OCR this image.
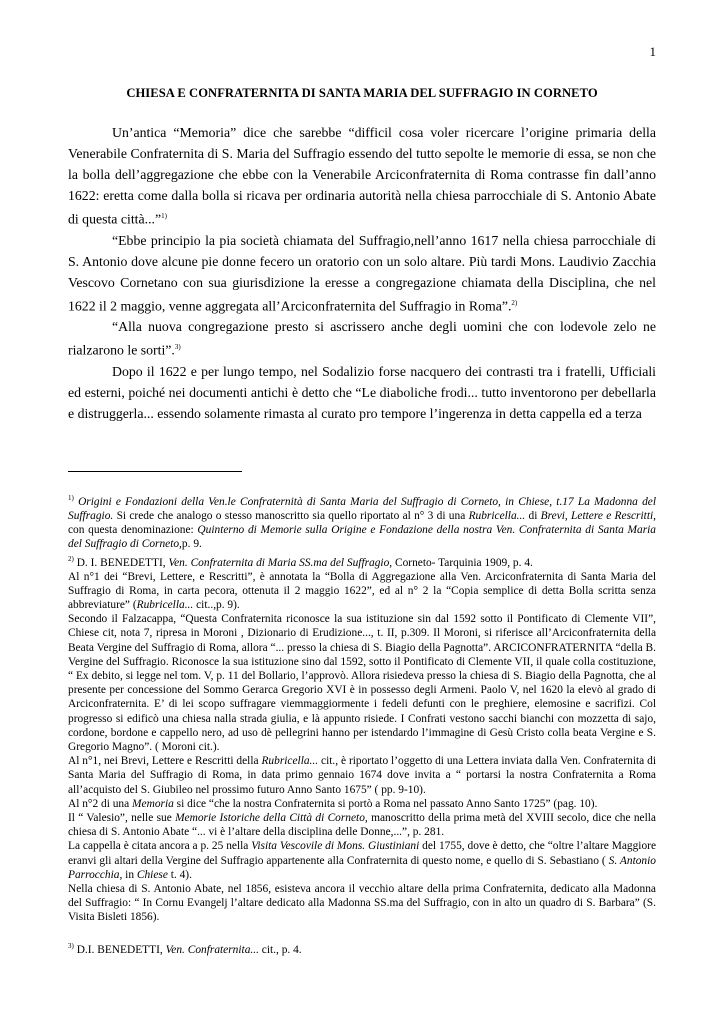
1
CHIESA E CONFRATERNITA DI SANTA MARIA DEL SUFFRAGIO IN CORNETO

Un’antica “Memoria” dice che sarebbe “difficil cosa voler ricercare l’origine primaria della Venerabile Confraternita di S. Maria del Suffragio essendo del tutto sepolte le memorie di essa, se non che la bolla dell’aggregazione che ebbe con la Venerabile Arciconfraternita di Roma contrasse fin dall’anno 1622: eretta come dalla bolla si ricava per ordinaria autorità nella chiesa parrocchiale di S. Antonio Abate di questa città...”$^{1)}$

“Ebbe principio la pia società chiamata del Suffragio,nell’anno 1617 nella chiesa parrocchiale di S. Antonio dove alcune pie donne fecero un oratorio con un solo altare. Più tardi Mons. Laudivio Zacchia Vescovo Cornetano con sua giurisdizione la eresse a congregazione chiamata della Disciplina, che nel 1622 il 2 maggio, venne aggregata all’Arciconfraternita del Suffragio in Roma”.$^{2)}$

“Alla nuova congregazione presto si ascrissero anche degli uomini che con lodevole zelo ne rialzarono le sorti”.$^{3)}$

Dopo il 1622 e per lungo tempo, nel Sodalizio forse nacquero dei contrasti tra i fratelli, Ufficiali ed esterni, poiché nei documenti antichi è detto che “Le diaboliche frodi... tutto inventorono per debellarla e distruggerla... essendo solamente rimasta al curato pro tempore l’ingerenza in detta cappella ed a terza

$^{1)}$ Origini e Fondazioni della Ven.le Confraternità di Santa Maria del Suffragio di Corneto, in Chiese, t.17 La Madonna del Suffragio. Si crede che analogo o stesso manoscritto sia quello riportato al n° 3 di una Rubricella... di Brevi, Lettere e Rescritti, con questa denominazione: Quinterno di Memorie sulla Origine e Fondazione della nostra Ven. Confraternita di Santa Maria del Suffragio di Corneto,p. 9.

$^{2)}$ D. I. BENEDETTI, Ven. Confraternita di Maria SS.ma del Suffragio, Corneto- Tarquinia 1909, p. 4.

Al n°1 dei “Brevi, Lettere, e Rescritti”, è annotata la “Bolla di Aggregazione alla Ven. Arciconfraternita di Santa Maria del Suffragio di Roma, in carta pecora, ottenuta il 2 maggio 1622”, ed al n° 2 la “Copia semplice di detta Bolla scritta senza abbreviature” (Rubricella... cit..,p. 9).

Secondo il Falzacappa, “Questa Confraternita riconosce la sua istituzione sin dal 1592 sotto il Pontificato di Clemente VII”, Chiese cit, nota 7, ripresa in Moroni , Dizionario di Erudizione..., t. II, p.309. Il Moroni, si riferisce all’Arciconfraternita della Beata Vergine del Suffragio di Roma, allora “... presso la chiesa di S. Biagio della Pagnotta”. ARCICONFRATERNITA “della B. Vergine del Suffragio. Riconosce la sua istituzione sino dal 1592, sotto il Pontificato di Clemente VII, il quale colla costituzione, “ Ex debito, si legge nel tom. V, p. 11 del Bollario, l’approvò. Allora risiedeva presso la chiesa di S. Biagio della Pagnotta, che al presente per concessione del Sommo Gerarca Gregorio XVI è in possesso degli Armeni. Paolo V, nel 1620 la elevò al grado di Arciconfraternita. E’ di lei scopo suffragare viemmaggiormente i fedeli defunti con le preghiere, elemosine e sacrifizi. Col progresso si edificò una chiesa nalla strada giulia, e là appunto risiede. I Confrati vestono sacchi bianchi con mozzetta di sajo, cordone, bordone e cappello nero, ad uso dè pellegrini hanno per istendardo l’immagine di Gesù Cristo colla beata Vergine e S. Gregorio Magno”. ( Moroni cit.).

Al n°1, nei Brevi, Lettere e Rescritti della Rubricella... cit., è riportato l’oggetto di una Lettera inviata dalla Ven. Confraternita di Santa Maria del Suffragio di Roma, in data primo gennaio 1674 dove invita a “ portarsi la nostra Confraternita a Roma all’acquisto del S. Giubileo nel prossimo futuro Anno Santo 1675” ( pp. 9-10).

Al n°2 di una Memoria si dice “che la nostra Confraternita si portò a Roma nel passato Anno Santo 1725” (pag. 10).

Il “ Valesio”, nelle sue Memorie Istoriche della Città di Corneto, manoscritto della prima metà del XVIII secolo, dice che nella chiesa di S. Antonio Abate “... vi è l’altare della disciplina delle Donne,...”, p. 281.

La cappella è citata ancora a p. 25 nella Visita Vescovile di Mons. Giustiniani del 1755, dove è detto, che “oltre l’altare Maggiore eranvi gli altari della Vergine del Suffragio appartenente alla Confraternita di questo nome, e quello di S. Sebastiano ( S. Antonio Parrocchia, in Chiese t. 4).

Nella chiesa di S. Antonio Abate, nel 1856, esisteva ancora il vecchio altare della prima Confraternita, dedicato alla Madonna del Suffragio: “ In Cornu Evangelj l’altare dedicato alla Madonna SS.ma del Suffragio, con in alto un quadro di S. Barbara” (S. Visita Bisleti 1856).

$^{3)}$ D.I. BENEDETTI, Ven. Confraternita... cit., p. 4.
